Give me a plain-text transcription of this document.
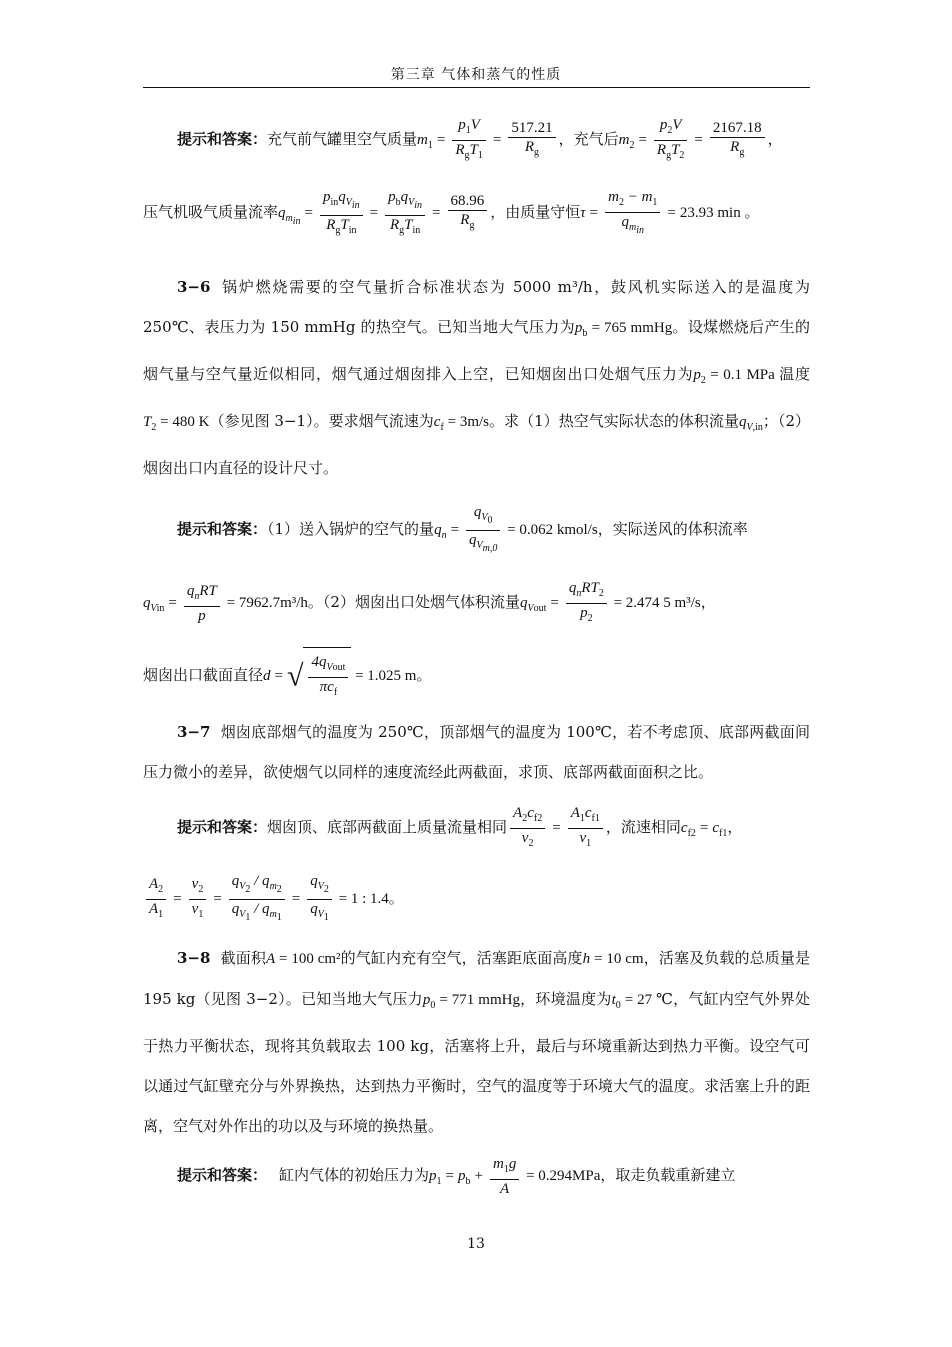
第三章 气体和蒸气的性质

提示和答案：充气前气罐里空气质量$m_1 = \frac{p_1V}{R_gT_1} = \frac{517.21}{R_g}$ ，充气后$m_2 = \frac{p_2V}{R_gT_2} = \frac{2167.18}{R_g}$ ，

压气机吸气质量流率$q_{m_{in}}= \frac{p_{in}q_{V_{in}}}{R_gT_{in}} = \frac{p_bq_{V_{in}}}{R_gT_{in}} = \frac{68.96}{R_g}$ ，由质量守恒$\tau = \frac{m_2 - m_1}{q_{m_{in}}} = 23.93$ min 。

3−6 锅炉燃烧需要的空气量折合标准状态为 5000 m³/h，鼓风机实际送入的是温度为 250℃、表压力为 150 mmHg 的热空气。已知当地大气压力为$p_b = 765$ mmHg。设煤燃烧后产生的烟气量与空气量近似相同，烟气通过烟囱排入上空，已知烟囱出口处烟气压力为$p_2 = 0.1$ MPa 温度$T_2 = 480$ K（参见图 3−1）。要求烟气流速为$c_f = 3m/s$。求（1）热空气实际状态的体积流量$q_{V,in}$；（2）烟囱出口内直径的设计尺寸。

提示和答案：（1）送入锅炉的空气的量$q_n = \frac{q_{V_0}}{q_{V_{m,0}}} = 0.062$ kmol/s，实际送风的体积流率

$q_{Vin} = \frac{q_nRT}{p} = 7962.7m^3/h$。（2）烟囱出口处烟气体积流量$q_{Vout} = \frac{q_nRT_2}{p_2} = 2.474$ 5 m³/s，

烟囱出口截面直径d = √ $\frac{4q_{Vout}}{\pi c_f} = 1.025$ m。

3−7 烟囱底部烟气的温度为 250℃，顶部烟气的温度为 100℃，若不考虑顶、底部两截面间压力微小的差异，欲使烟气以同样的速度流经此两截面，求顶、底部两截面面积之比。

提示和答案：烟囱顶、底部两截面上质量流量相同 $\frac{A_2c_{f2}}{v_2} = \frac{A_1c_{f1}}{v_1}$ ，流速相同$c_{f2} = c_{f1}$，

$\frac{A_2}{A_1} = \frac{v_2}{v_1} = \frac{q_{V_2} / q_{m_2}}{q_{V_1} / q_{m_1}} = \frac{q_{V_2}}{q_{V_1}} = 1$ : 1.4。

3−8 截面积A = 100 cm²的气缸内充有空气，活塞距底面高度h = 10 cm，活塞及负载的总质量是 195 kg（见图 3−2）。已知当地大气压力$p_0 = 771$ mmHg，环境温度为$t_0 = 27$ ℃，气缸内空气外界处于热力平衡状态，现将其负载取去 100 kg，活塞将上升，最后与环境重新达到热力平衡。设空气可以通过气缸壁充分与外界换热，达到热力平衡时，空气的温度等于环境大气的温度。求活塞上升的距离，空气对外作出的功以及与环境的换热量。

提示和答案： 缸内气体的初始压力为$p_1 = p_b + \frac{m_1g}{A} = 0.294MPa$，取走负载重新建立

13
